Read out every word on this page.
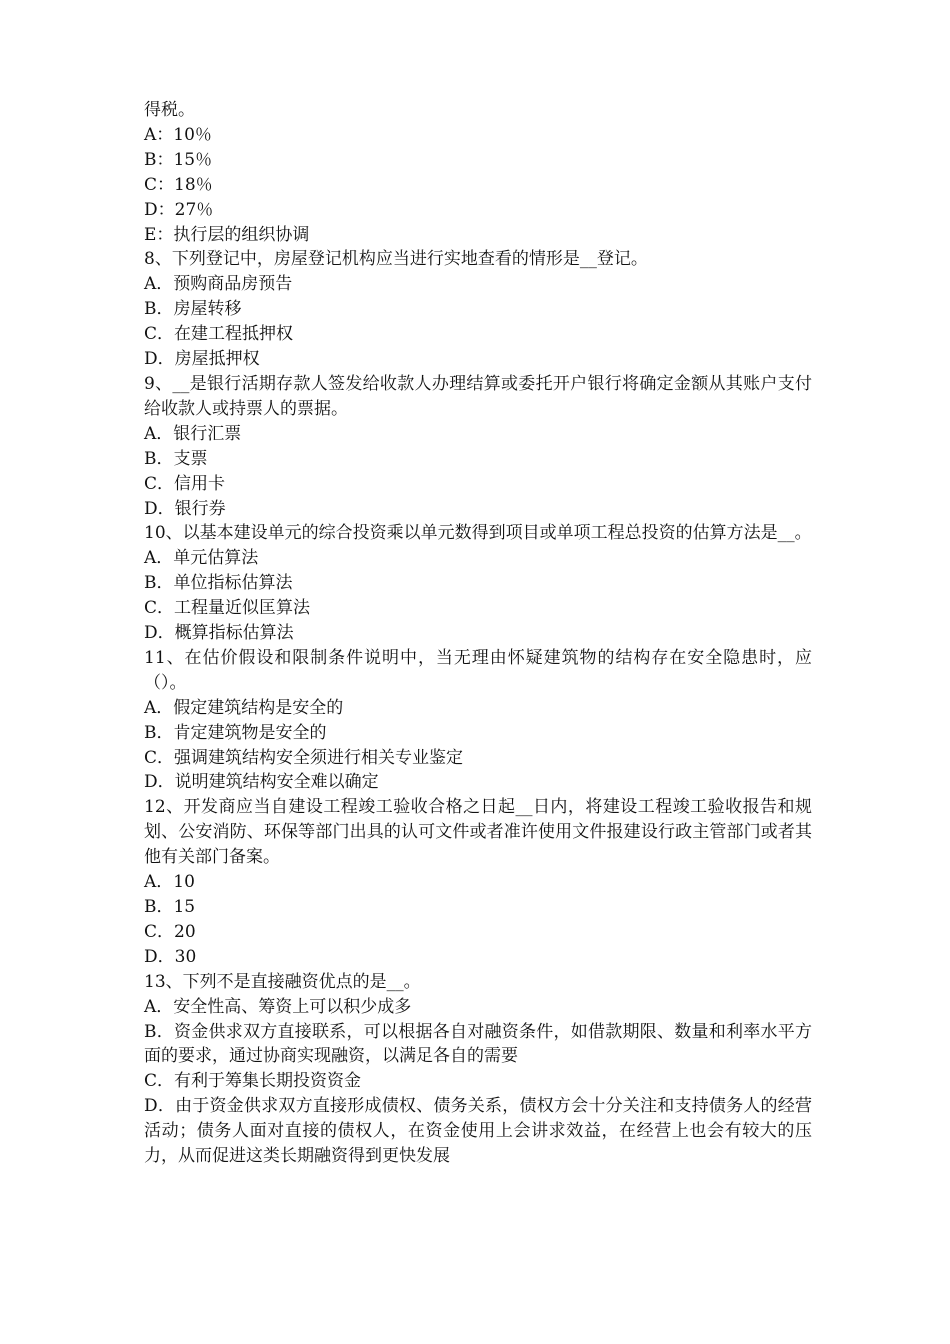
得税。
A：10％
B：15％
C：18％
D：27％
E：执行层的组织协调
8、下列登记中，房屋登记机构应当进行实地查看的情形是__登记。
A．预购商品房预告
B．房屋转移
C．在建工程抵押权
D．房屋抵押权
9、__是银行活期存款人签发给收款人办理结算或委托开户银行将确定金额从其账户支付给收款人或持票人的票据。
A．银行汇票
B．支票
C．信用卡
D．银行券
10、以基本建设单元的综合投资乘以单元数得到项目或单项工程总投资的估算方法是__。
A．单元估算法
B．单位指标估算法
C．工程量近似匡算法
D．概算指标估算法
11、在估价假设和限制条件说明中，当无理由怀疑建筑物的结构存在安全隐患时，应（）。
A．假定建筑结构是安全的
B．肯定建筑物是安全的
C．强调建筑结构安全须进行相关专业鉴定
D．说明建筑结构安全难以确定
12、开发商应当自建设工程竣工验收合格之日起__日内，将建设工程竣工验收报告和规划、公安消防、环保等部门出具的认可文件或者准许使用文件报建设行政主管部门或者其他有关部门备案。
A．10
B．15
C．20
D．30
13、下列不是直接融资优点的是__。
A．安全性高、筹资上可以积少成多
B．资金供求双方直接联系，可以根据各自对融资条件，如借款期限、数量和利率水平方面的要求，通过协商实现融资，以满足各自的需要
C．有利于筹集长期投资资金
D．由于资金供求双方直接形成债权、债务关系，债权方会十分关注和支持债务人的经营活动；债务人面对直接的债权人，在资金使用上会讲求效益，在经营上也会有较大的压力，从而促进这类长期融资得到更快发展
